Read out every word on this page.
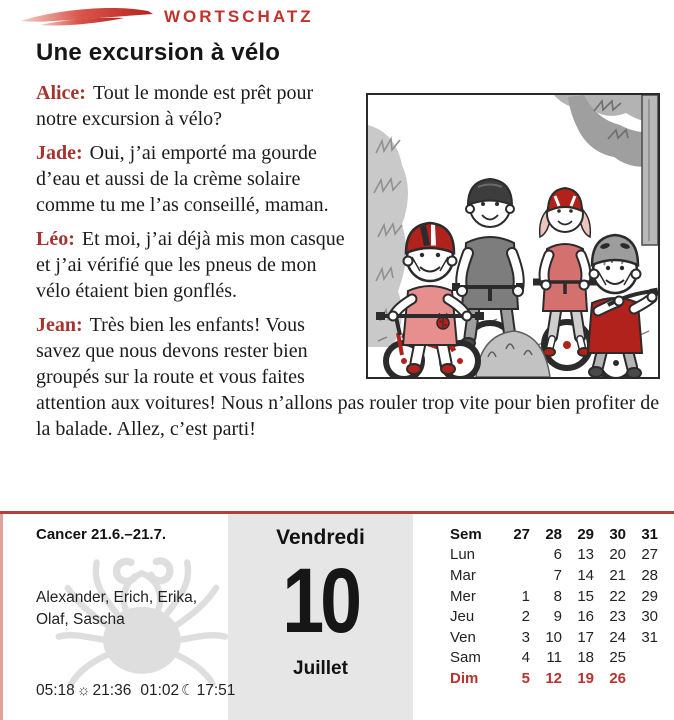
WORTSCHATZ
Une excursion à vélo

Alice: Tout le monde est prêt pour notre excursion à vélo?

Jade: Oui, j’ai emporté ma gourde d’eau et aussi de la crème solaire comme tu me l’as conseillé, maman.

Léo: Et moi, j’ai déjà mis mon casque et j’ai vérifié que les pneus de mon vélo étaient bien gonflés.

Jean: Très bien les enfants! Vous savez que nous devons rester bien groupés sur la route et vous faites attention aux voitures! Nous n’allons pas rouler trop vite pour bien profiter de la balade. Allez, c’est parti!

Cancer 21.6.–21.7.
Alexander, Erich, Erika, Olaf, Sascha
05:18 ☼ 21:36 01:02 ☾ 17:51
Vendredi
10
Juillet
Sem	27	28	29	30	31
Lun		6	13	20	27
Mar		7	14	21	28
Mer	1	8	15	22	29
Jeu	2	9	16	23	30
Ven	3	10	17	24	31
Sam	4	11	18	25	
Dim	5	12	19	26	
